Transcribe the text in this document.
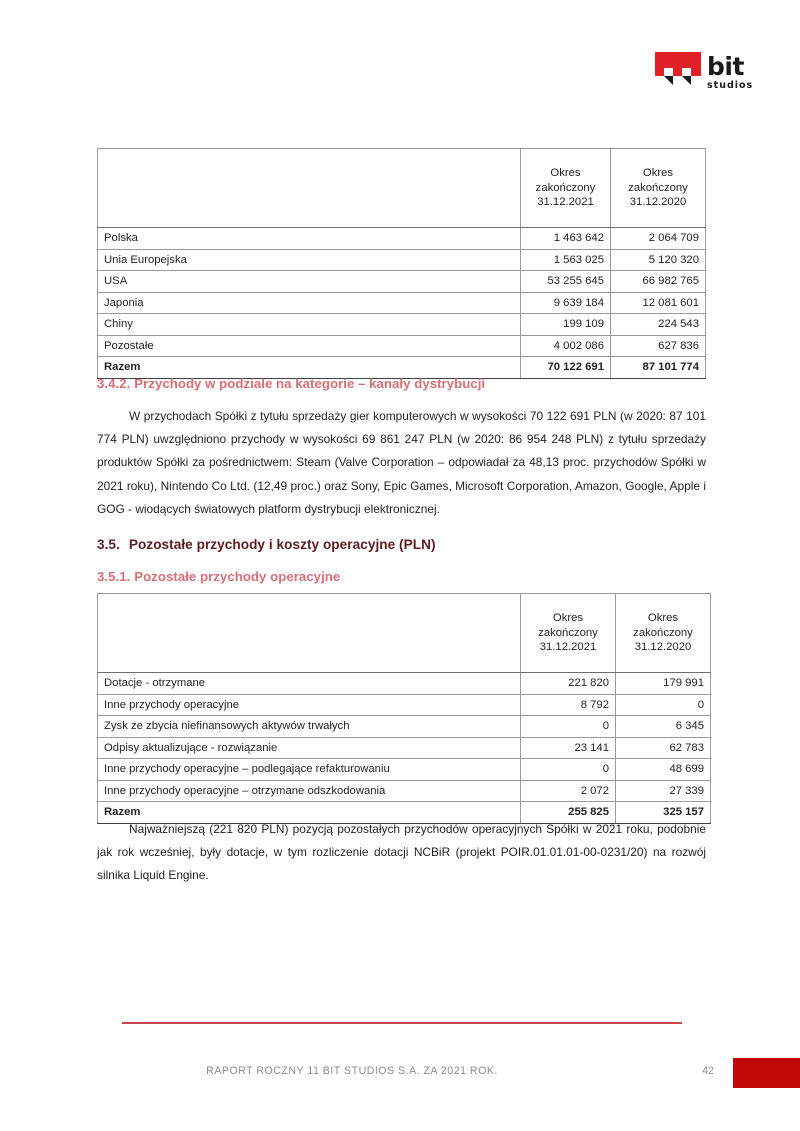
bit
studios

	Okres
zakończony
31.12.2021	Okres
zakończony
31.12.2020

Polska	1 463 642	2 064 709
Unia Europejska	1 563 025	5 120 320
USA	53 255 645	66 982 765
Japonia	9 639 184	12 081 601
Chiny	199 109	224 543
Pozostałe	4 002 086	627 836
Razem	70 122 691	87 101 774
3.4.2. Przychody w podziale na kategorie – kanały dystrybucji

W przychodach Spółki z tytułu sprzedaży gier komputerowych w wysokości 70 122 691 PLN (w 2020: 87 101 774 PLN) uwzględniono przychody w wysokości 69 861 247 PLN (w 2020: 86 954 248 PLN) z tytułu sprzedaży produktów Spółki za pośrednictwem: Steam (Valve Corporation – odpowiadał za 48,13 proc. przychodów Spółki w 2021 roku), Nintendo Co Ltd. (12,49 proc.) oraz Sony, Epic Games, Microsoft Corporation, Amazon, Google, Apple i GOG - wiodących światowych platform dystrybucji elektronicznej.

3.5. Pozostałe przychody i koszty operacyjne (PLN)
3.5.1. Pozostałe przychody operacyjne

	Okres
zakończony
31.12.2021	Okres
zakończony
31.12.2020

Dotacje - otrzymane	221 820	179 991
Inne przychody operacyjne	8 792	0
Zysk ze zbycia niefinansowych aktywów trwałych	0	6 345
Odpisy aktualizujące - rozwiązanie	23 141	62 783
Inne przychody operacyjne – podlegające refakturowaniu	0	48 699
Inne przychody operacyjne – otrzymane odszkodowania	2 072	27 339
Razem	255 825	325 157

Najważniejszą (221 820 PLN) pozycją pozostałych przychodów operacyjnych Spółki w 2021 roku, podobnie jak rok wcześniej, były dotacje, w tym rozliczenie dotacji NCBiR (projekt POIR.01.01.01-00-0231/20) na rozwój silnika Liquid Engine.

RAPORT ROCZNY 11 BIT STUDIOS S.A. ZA 2021 ROK.	42
